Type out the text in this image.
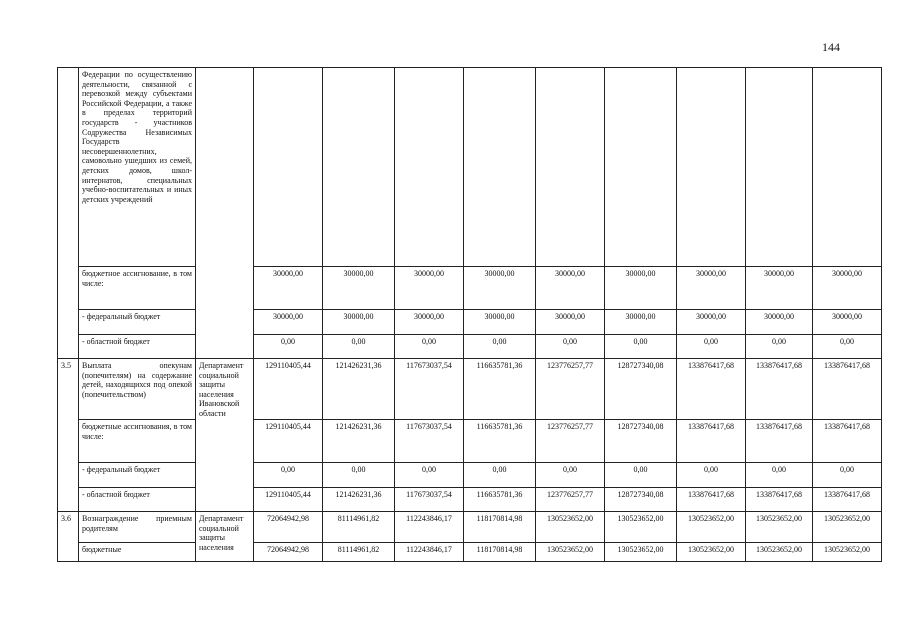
144
	Федерации по осуществлению деятельности, связанной с перевозкой между субъектами Российской Федерации, а также в пределах территорий государств - участников Содружества Независимых Государств несовершеннолетних, самовольно ушедших из семей, детских домов, школ-интернатов, специальных учебно-воспитательных и иных детских учреждений										
	бюджетное ассигнование, в том числе:		30000,00	30000,00	30000,00	30000,00	30000,00	30000,00	30000,00	30000,00	30000,00
	- федеральный бюджет		30000,00	30000,00	30000,00	30000,00	30000,00	30000,00	30000,00	30000,00	30000,00
	- областной бюджет		0,00	0,00	0,00	0,00	0,00	0,00	0,00	0,00	0,00
3.5	Выплата опекунам (попечителям) на содержание детей, находящихся под опекой (попечительством)	Департамент социальной защиты населения Ивановской области	129110405,44	121426231,36	117673037,54	116635781,36	123776257,77	128727340,08	133876417,68	133876417,68	133876417,68
	бюджетные ассигнования, в том числе:		129110405,44	121426231,36	117673037,54	116635781,36	123776257,77	128727340,08	133876417,68	133876417,68	133876417,68
	- федеральный бюджет		0,00	0,00	0,00	0,00	0,00	0,00	0,00	0,00	0,00
	- областной бюджет		129110405,44	121426231,36	117673037,54	116635781,36	123776257,77	128727340,08	133876417,68	133876417,68	133876417,68
3.6	Вознаграждение приемным родителям	Департамент социальной защиты населения	72064942,98	81114961,82	112243846,17	118170814,98	130523652,00	130523652,00	130523652,00	130523652,00	130523652,00
	бюджетные		72064942,98	81114961,82	112243846,17	118170814,98	130523652,00	130523652,00	130523652,00	130523652,00	130523652,00
